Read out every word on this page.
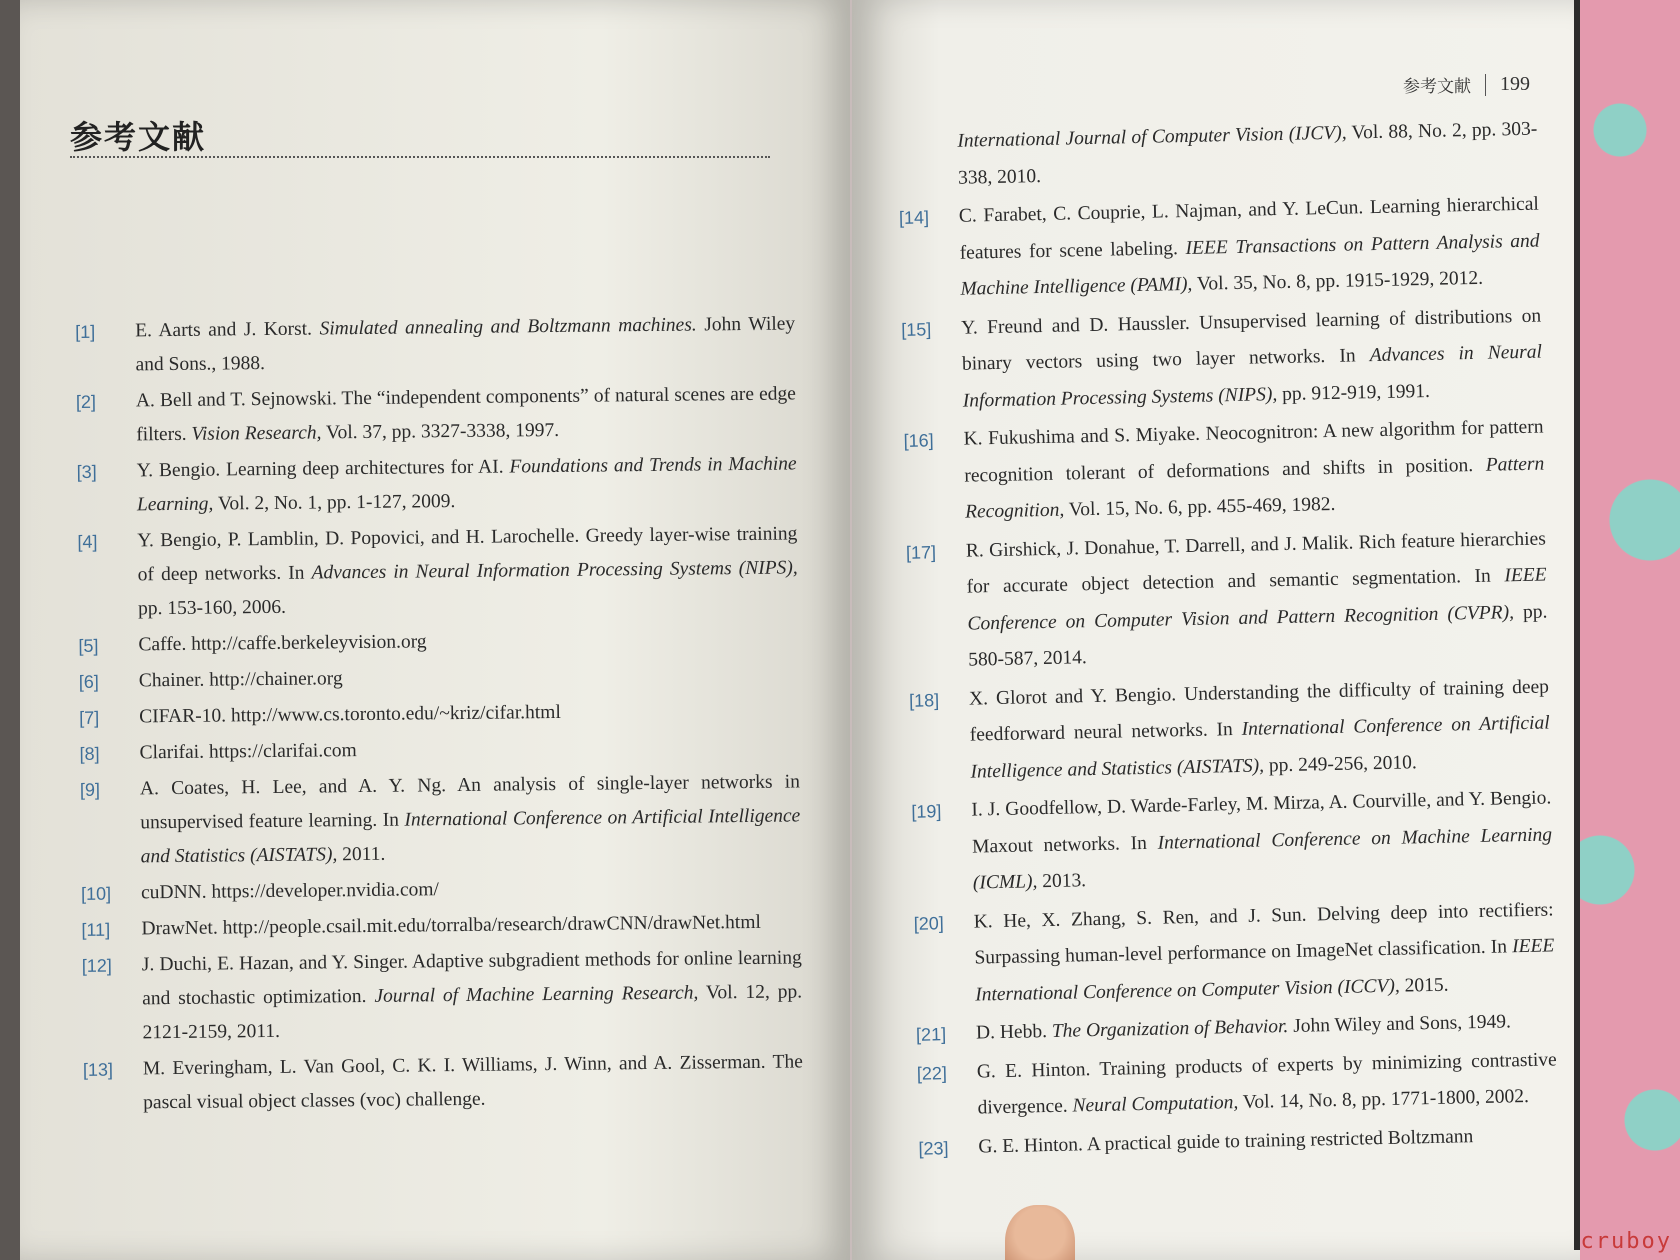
参考文献
[1]	E. Aarts and J. Korst. Simulated annealing and Boltzmann machines. John Wiley and Sons., 1988.
[2]	A. Bell and T. Sejnowski. The “independent components” of natural scenes are edge filters. Vision Research, Vol. 37, pp. 3327-3338, 1997.
[3]	Y. Bengio. Learning deep architectures for AI. Foundations and Trends in Machine Learning, Vol. 2, No. 1, pp. 1-127, 2009.
[4]	Y. Bengio, P. Lamblin, D. Popovici, and H. Larochelle. Greedy layer-wise training of deep networks. In Advances in Neural Information Processing Systems (NIPS), pp. 153-160, 2006.
[5]	Caffe. http://caffe.berkeleyvision.org
[6]	Chainer. http://chainer.org
[7]	CIFAR-10. http://www.cs.toronto.edu/~kriz/cifar.html
[8]	Clarifai. https://clarifai.com
[9]	A. Coates, H. Lee, and A. Y. Ng. An analysis of single-layer networks in unsupervised feature learning. In International Conference on Artificial Intelligence and Statistics (AISTATS), 2011.
[10]	cuDNN. https://developer.nvidia.com/
[11]	DrawNet. http://people.csail.mit.edu/torralba/research/drawCNN/drawNet.html
[12]	J. Duchi, E. Hazan, and Y. Singer. Adaptive subgradient methods for online learning and stochastic optimization. Journal of Machine Learning Research, Vol. 12, pp. 2121-2159, 2011.
[13]	M. Everingham, L. Van Gool, C. K. I. Williams, J. Winn, and A. Zisserman. The pascal visual object classes (voc) challenge.
参考文献 199
International Journal of Computer Vision (IJCV), Vol. 88, No. 2, pp. 303-338, 2010.
[14]	C. Farabet, C. Couprie, L. Najman, and Y. LeCun. Learning hierarchical features for scene labeling. IEEE Transactions on Pattern Analysis and Machine Intelligence (PAMI), Vol. 35, No. 8, pp. 1915-1929, 2012.
[15]	Y. Freund and D. Haussler. Unsupervised learning of distributions on binary vectors using two layer networks. In Advances in Neural Information Processing Systems (NIPS), pp. 912-919, 1991.
[16]	K. Fukushima and S. Miyake. Neocognitron: A new algorithm for pattern recognition tolerant of deformations and shifts in position. Pattern Recognition, Vol. 15, No. 6, pp. 455-469, 1982.
[17]	R. Girshick, J. Donahue, T. Darrell, and J. Malik. Rich feature hierarchies for accurate object detection and semantic segmentation. In IEEE Conference on Computer Vision and Pattern Recognition (CVPR), pp. 580-587, 2014.
[18]	X. Glorot and Y. Bengio. Understanding the difficulty of training deep feedforward neural networks. In International Conference on Artificial Intelligence and Statistics (AISTATS), pp. 249-256, 2010.
[19]	I. J. Goodfellow, D. Warde-Farley, M. Mirza, A. Courville, and Y. Bengio. Maxout networks. In International Conference on Machine Learning (ICML), 2013.
[20]	K. He, X. Zhang, S. Ren, and J. Sun. Delving deep into rectifiers: Surpassing human-level performance on ImageNet classification. In IEEE International Conference on Computer Vision (ICCV), 2015.
[21]	D. Hebb. The Organization of Behavior. John Wiley and Sons, 1949.
[22]	G. E. Hinton. Training products of experts by minimizing contrastive divergence. Neural Computation, Vol. 14, No. 8, pp. 1771-1800, 2002.
[23]	G. E. Hinton. A practical guide to training restricted Boltzmann
cruboy
